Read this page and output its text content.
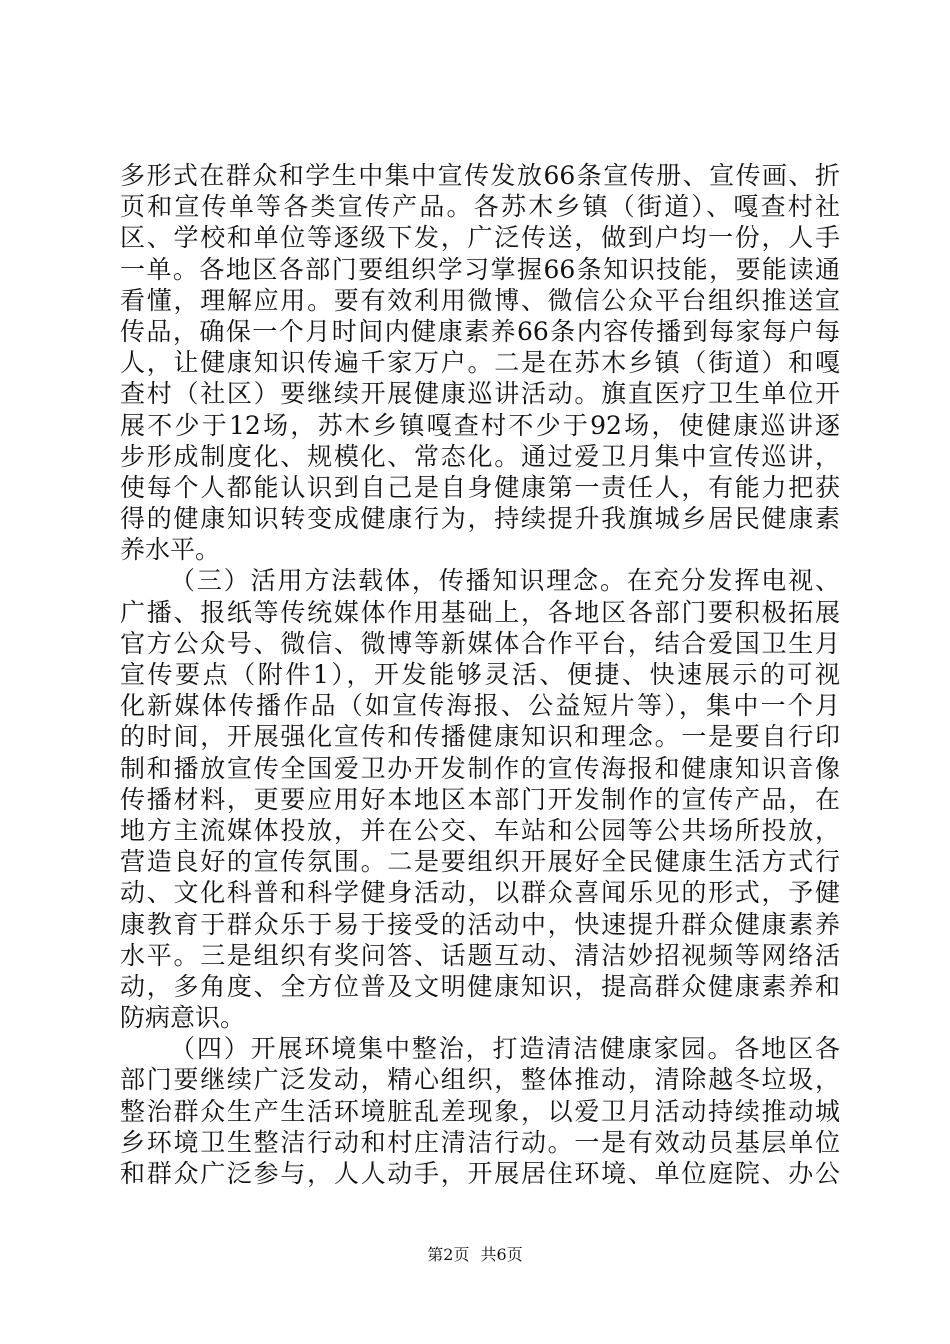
多形式在群众和学生中集中宣传发放66条宣传册、宣传画、折
页和宣传单等各类宣传产品。各苏木乡镇（街道）、嘎查村社
区、学校和单位等逐级下发，广泛传送，做到户均一份，人手
一单。各地区各部门要组织学习掌握66条知识技能，要能读通
看懂，理解应用。要有效利用微博、微信公众平台组织推送宣
传品，确保一个月时间内健康素养66条内容传播到每家每户每
人，让健康知识传遍千家万户。二是在苏木乡镇（街道）和嘎
查村（社区）要继续开展健康巡讲活动。旗直医疗卫生单位开
展不少于12场，苏木乡镇嘎查村不少于92场，使健康巡讲逐
步形成制度化、规模化、常态化。通过爱卫月集中宣传巡讲，
使每个人都能认识到自己是自身健康第一责任人，有能力把获
得的健康知识转变成健康行为，持续提升我旗城乡居民健康素
养水平。
（三）活用方法载体，传播知识理念。在充分发挥电视、
广播、报纸等传统媒体作用基础上，各地区各部门要积极拓展
官方公众号、微信、微博等新媒体合作平台，结合爱国卫生月
宣传要点（附件1），开发能够灵活、便捷、快速展示的可视
化新媒体传播作品（如宣传海报、公益短片等），集中一个月
的时间，开展强化宣传和传播健康知识和理念。一是要自行印
制和播放宣传全国爱卫办开发制作的宣传海报和健康知识音像
传播材料，更要应用好本地区本部门开发制作的宣传产品，在
地方主流媒体投放，并在公交、车站和公园等公共场所投放，
营造良好的宣传氛围。二是要组织开展好全民健康生活方式行
动、文化科普和科学健身活动，以群众喜闻乐见的形式，予健
康教育于群众乐于易于接受的活动中，快速提升群众健康素养
水平。三是组织有奖问答、话题互动、清洁妙招视频等网络活
动，多角度、全方位普及文明健康知识，提高群众健康素养和
防病意识。
（四）开展环境集中整治，打造清洁健康家园。各地区各
部门要继续广泛发动，精心组织，整体推动，清除越冬垃圾，
整治群众生产生活环境脏乱差现象，以爱卫月活动持续推动城
乡环境卫生整洁行动和村庄清洁行动。一是有效动员基层单位
和群众广泛参与，人人动手，开展居住环境、单位庭院、办公
第2页 共6页
